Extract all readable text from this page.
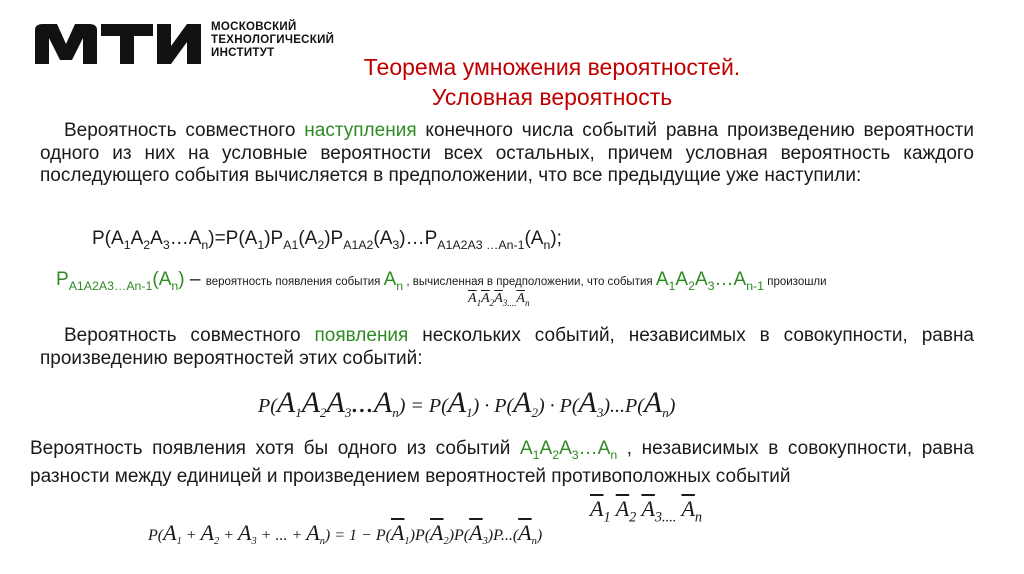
МОСКОВСКИЙ
ТЕХНОЛОГИЧЕСКИЙ
ИНСТИТУТ
Теорема умножения вероятностей.
Условная вероятность
Вероятность совместного наступления конечного числа событий равна произведению вероятности одного из них на условные вероятности всех остальных, причем условная вероятность каждого последующего события вычисляется в предположении, что все предыдущие уже наступили:
$P(A_1A_2A_3\dots A_n)=P(A_1)P_{A1}(A_2)P_{A1A2}(A_3)\dots P_{A1A2A3 \dots An-1}(A_n)$;
$P_{A1A2A3\dots An-1}(A_n)$ – вероятность появления события $A_n$ , вычисленная в предположении, что события $A_1A_2A_3\dots A_{n-1}$ произошли
$\overline{A}_1\overline{A}_2\overline{A}_{3....}\overline{A}_n$
Вероятность совместного появления нескольких событий, независимых в совокупности, равна произведению вероятностей этих событий:
$P(A_1A_2A_3...A_n) = P(A_1) \cdot P(A_2) \cdot P(A_3)...P(A_n)$
Вероятность появления хотя бы одного из событий $A_1A_2A_3\dots A_n$ , независимых в совокупности, равна разности между единицей и произведением вероятностей противоположных событий
$\overline{A}_1$ $\overline{A}_2$ $\overline{A}_{3....}$ $\overline{A}_n$
$P(A_1 + A_2 + A_3$ + ... + $A_n) = 1 - P(\overline{A}_1)P(\overline{A}_2)P(\overline{A}_3)P...(\overline{A}_n)$
